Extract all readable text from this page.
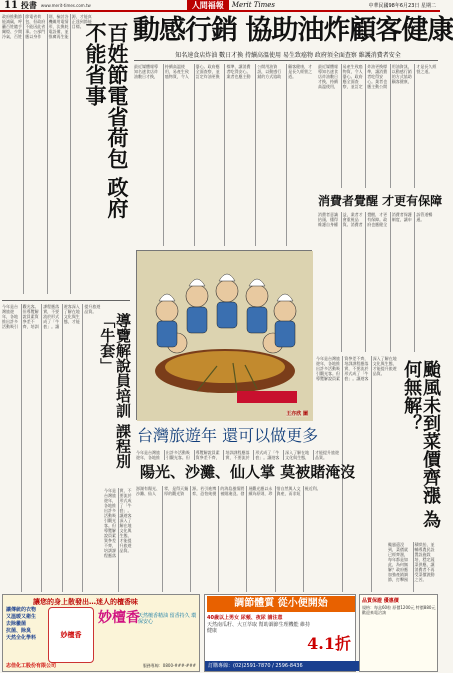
11 投書 www.merit-times.com.tw	人間福報	Merit Times	中華民國98年6月23日 星期二
動感行銷 協助油炸顧客健康
知名速食店炸油 數日才換 持續高溫使用 易生致癌物 政府須全面查察 維護消費者安全
政府推動節能減碳，呼籲百姓隨手關燈、少開冷氣，百姓節電省荷包，但政府不能因此省事。公部門應以身作則，檢討各機關用電情形，汰換耗電設備，並推廣再生能源，才能真正達到節能目標。	百姓節電省荷包 政府不能省事
今年是台灣旅遊年，各地推出許多活動吸引觀光客。但導覽解說員素質參差不齊，培訓課程應落實，不要流於形式成了「牛套」。讓遊客深入了解在地文化與生態，才能提升旅遊品質。
導覽解說員培訓 課程別「牛套」
今年是台灣旅遊年，各地推出許多活動吸引觀光客。但導覽解說員素質參差不齊，培訓課程應落實，不要流於形式成了「牛套」。讓遊客深入了解在地文化與生態，才能提升旅遊品質。
最近媒體報導知名速食店炸油數日才換，持續高溫使用，易產生致癌物質，令人憂心。政府應全面查察，並訂定炸油更換標準，讓消費者吃得安心。業者也應主動公開用油資訊，以動感行銷的方式協助顧客健康，才是長久經營之道。
最近媒體報導知名速食店炸油數日才換，持續高溫使用，易產生致癌物質，令人憂心。政府應全面查察，並訂定炸油更換標準，讓消費者吃得安心。業者也應主動公開用油資訊，以動感行銷的方式協助顧客健康，才是長久經營之道。
消費者覺醒 才更有保障
消費者意識抬頭，懂得維護自身權益，業者才會重視品質。消費者覺醒，才更有保障。政府也應健全消費者保護制度，讓申訴管道暢通。
王亦欣 圖
台灣旅遊年 還可以做更多
今年是台灣旅遊年，各地推出許多活動吸引觀光客。但導覽解說員素質參差不齊，培訓課程應落實，不要流於形式成了「牛套」。讓遊客深入了解在地文化與生態，才能提升旅遊品質。
今年是台灣旅遊年，各地推出許多活動吸引觀光客。但導覽解說員素質參差不齊，培訓課程應落實，不要流於形式成了「牛套」。讓遊客深入了解在地文化與生態，才能提升旅遊品質。
陽光、沙灘、仙人掌 莫被賭淹沒
澎湖有陽光、沙灘、仙人掌，是得天獨厚的觀光資源。若引進博弈，恐怕純樸的海島風情將被賭淹沒。發展觀光應以永續為原則，珍惜自然與人文資產，而非短視近利。	颱風未到菜價齊漲 為何無解？
颱風還沒到，菜價就已經齊漲，每年都是如此，為何無解？政府應加強產銷調節，打擊囤積哄抬，並輔導農民設置設施栽培，穩定蔬菜供應，讓消費者不再受菜價波動之苦。
讓您的身上散發出…迷人的檀香味
讓傳統的衣物
又溫暖又衛生
去除黴菌
抗菌、除臭
天然全化學料	妙檀香
妙檀香
天然檀香精油 留香持久 環保安心
志佳化工股份有限公司	服務專線：0800-###-###
調節體質 從小便開始
40歲以上男女 尿頻、夜尿 請注意
天然南瓜籽、大豆萃取 幫助調節生理機能 維持健康
4.1折
訂購專線：(02)2591-7870 / 2596-8436
品質保證 優惠價
規格：每盒60粒 原價1200元 特價880元 歡迎來電洽詢
